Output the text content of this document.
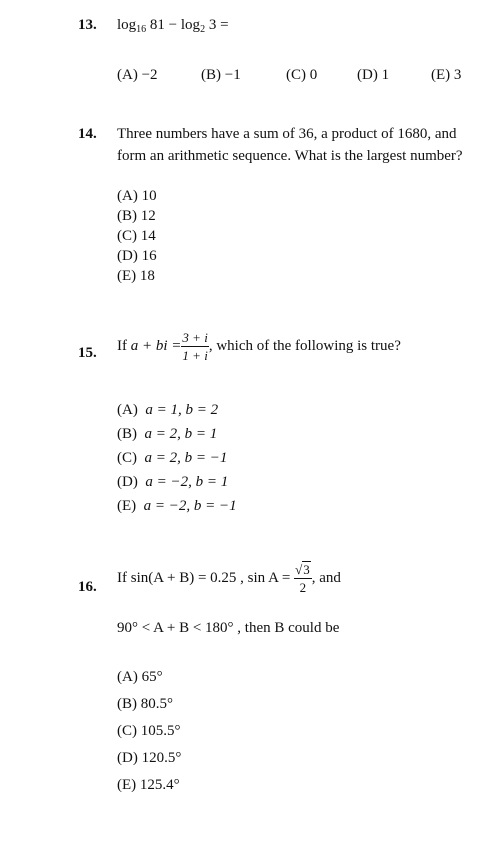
13. $\log_{16} 81 - \log_2 3$ =
(A) −2	(B) −1	(C) 0	(D) 1	(E) 3
14. Three numbers have a sum of 36, a product of 1680, and
form an arithmetic sequence. What is the largest number?
(A) 10
(B) 12
(C) 14
(D) 16
(E) 18
15. If a + bi = $\frac{3 + i}{1 + i}$ , which of the following is true?
(A) a = 1, b = 2
(B) a = 2, b = 1
(C) a = 2, b = −1
(D) a = −2, b = 1
(E) a = −2, b = −1
16.
If sin(A + B) = 0.25 , $\sin A = \frac{√3}{2}$ , and
90° < A + B < 180° , then B could be
(A) 65°
(B) 80.5°
(C) 105.5°
(D) 120.5°
(E) 125.4°
